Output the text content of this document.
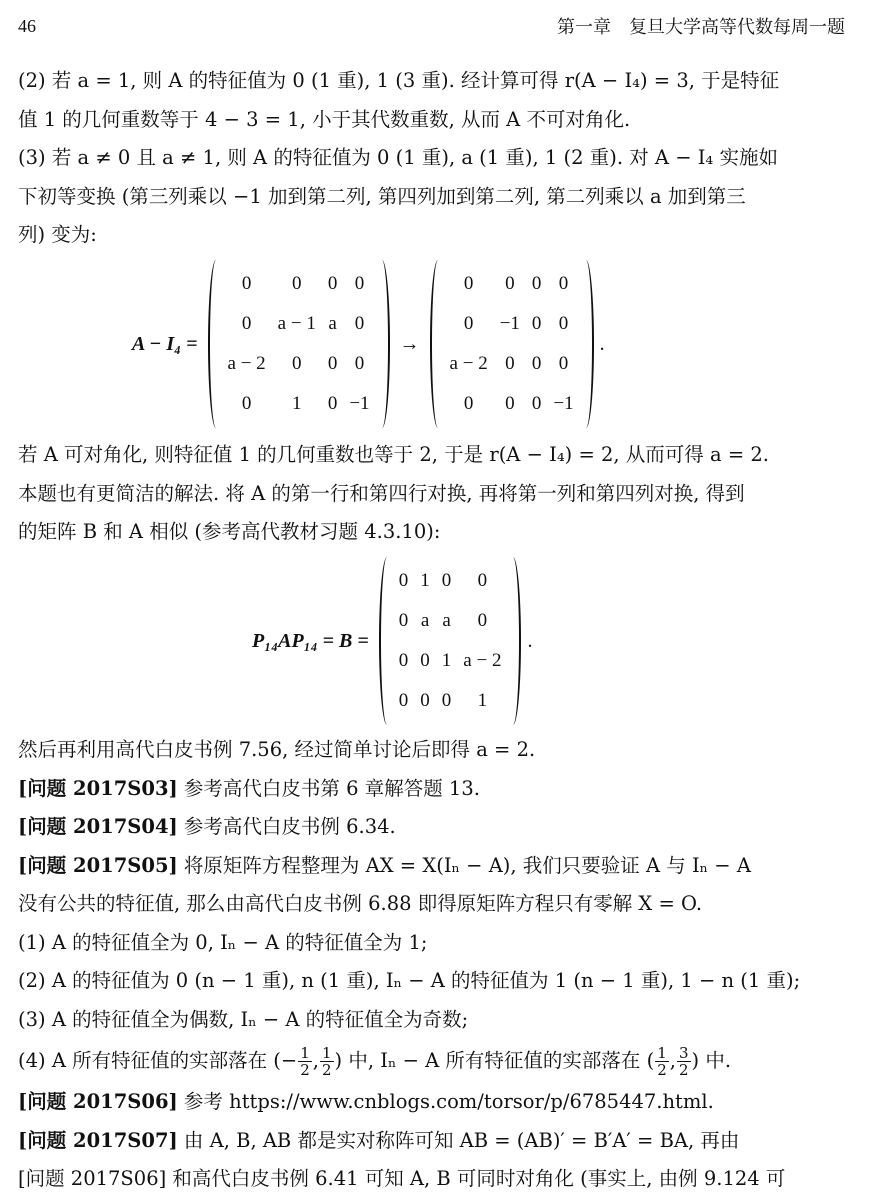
46	第一章　复旦大学高等代数每周一题
(2) 若 a = 1, 则 A 的特征值为 0 (1 重), 1 (3 重). 经计算可得 r(A − I₄) = 3, 于是特征
值 1 的几何重数等于 4 − 3 = 1, 小于其代数重数, 从而 A 不可对角化.
(3) 若 a ≠ 0 且 a ≠ 1, 则 A 的特征值为 0 (1 重), a (1 重), 1 (2 重). 对 A − I₄ 实施如
下初等变换 (第三列乘以 −1 加到第二列, 第四列加到第二列, 第二列乘以 a 加到第三
列) 变为:
A − I₄ =
0	0	0	0
0	a − 1	a	0
a − 2	0	0	0
0	1	0	−1
→
0	0	0	0
0	−1	0	0
a − 2	0	0	0
0	0	0	−1
.
若 A 可对角化, 则特征值 1 的几何重数也等于 2, 于是 r(A − I₄) = 2, 从而可得 a = 2.
本题也有更简洁的解法. 将 A 的第一行和第四行对换, 再将第一列和第四列对换, 得到
的矩阵 B 和 A 相似 (参考高代教材习题 4.3.10):
P₁₄AP₁₄ = B =
0	1	0	0
0	a	a	0
0	0	1	a − 2
0	0	0	1
.
然后再利用高代白皮书例 7.56, 经过简单讨论后即得 a = 2.
[问题 2017S03] 参考高代白皮书第 6 章解答题 13.
[问题 2017S04] 参考高代白皮书例 6.34.
[问题 2017S05] 将原矩阵方程整理为 AX = X(Iₙ − A), 我们只要验证 A 与 Iₙ − A
没有公共的特征值, 那么由高代白皮书例 6.88 即得原矩阵方程只有零解 X = O.
(1) A 的特征值全为 0, Iₙ − A 的特征值全为 1;
(2) A 的特征值为 0 (n − 1 重), n (1 重), Iₙ − A 的特征值为 1 (n − 1 重), 1 − n (1 重);
(3) A 的特征值全为偶数, Iₙ − A 的特征值全为奇数;
(4) A 所有特征值的实部落在 (− $\frac{1}{2}$ , $\frac{1}{2}$ ) 中, Iₙ − A 所有特征值的实部落在 ( $\frac{1}{2}$ , $\frac{3}{2}$ ) 中.
[问题 2017S06] 参考 https://www.cnblogs.com/torsor/p/6785447.html.
[问题 2017S07] 由 A, B, AB 都是实对称阵可知 AB = (AB)′ = B′A′ = BA, 再由
[问题 2017S06] 和高代白皮书例 6.41 可知 A, B 可同时对角化 (事实上, 由例 9.124 可
